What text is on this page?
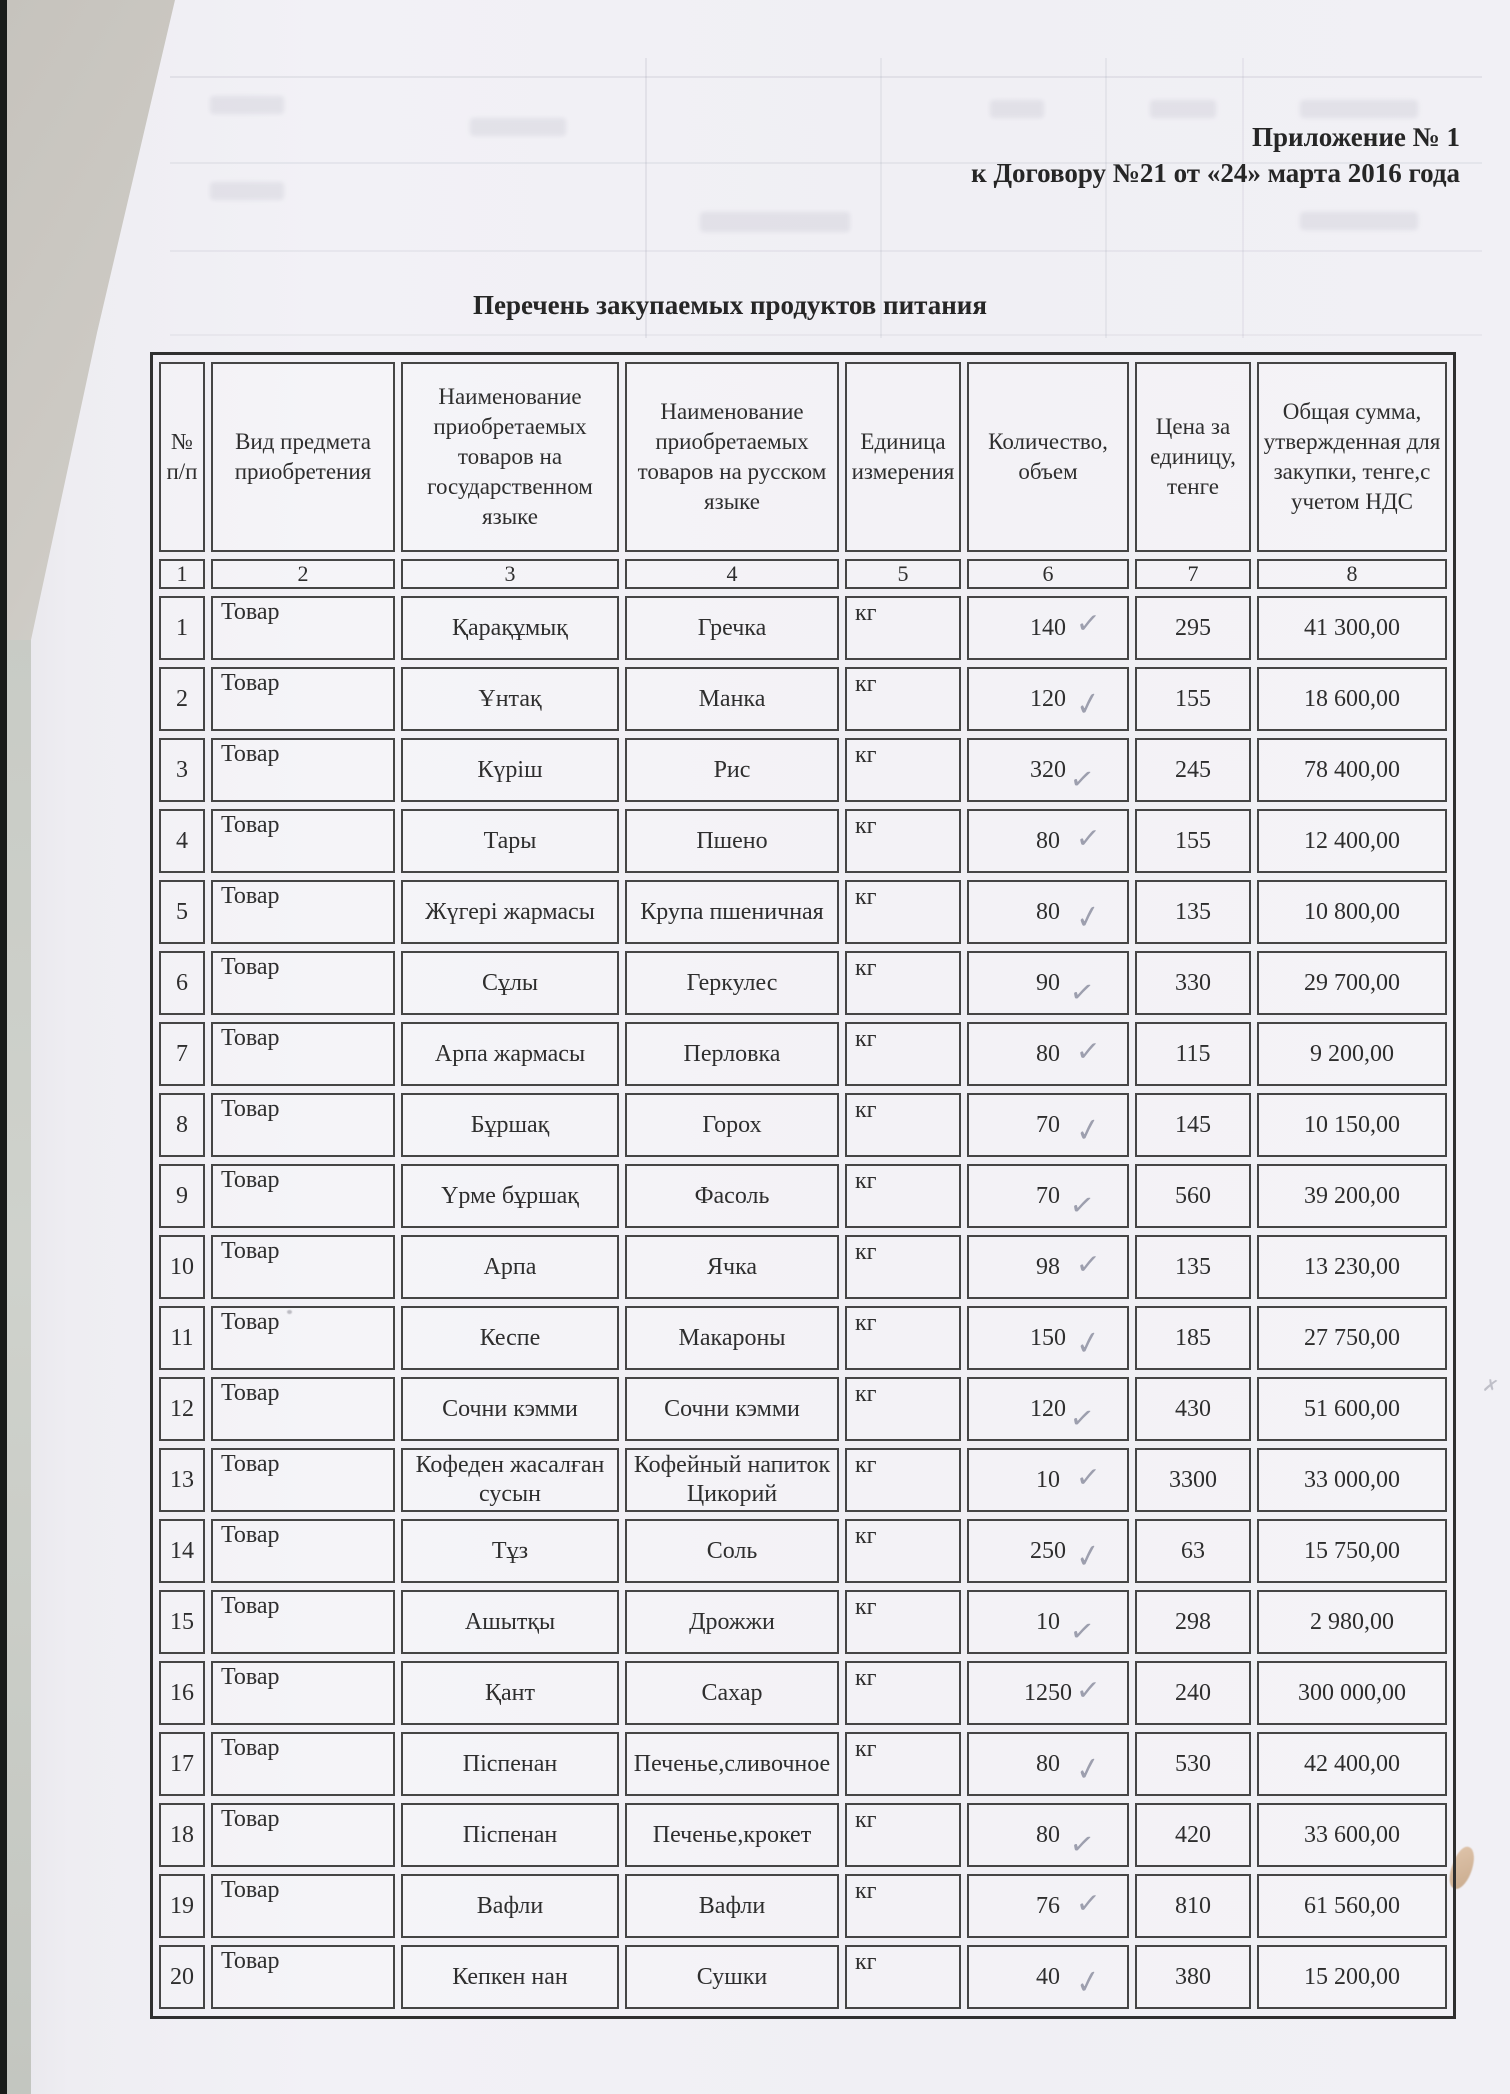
✗
Приложение № 1
к Договору №21 от «24» марта 2016 года
Перечень закупаемых продуктов питания
№ п/п	Вид предмета приобретения	Наименование приобретаемых товаров на государственном языке	Наименование приобретаемых товаров на русском языке	Единица измерения	Количество, объем	Цена за единицу, тенге	Общая сумма, утвержденная для закупки, тенге,с учетом НДС
1	2	3	4	5	6	7	8
1	Товар	Қарақұмық	Гречка	кг	140 ✓	295	41 300,00
2	Товар	Ұнтақ	Манка	кг	120 ✓	155	18 600,00
3	Товар	Күріш	Рис	кг	320 ✓	245	78 400,00
4	Товар	Тары	Пшено	кг	80 ✓	155	12 400,00
5	Товар	Жүгері жармасы	Крупа пшеничная	кг	80 ✓	135	10 800,00
6	Товар	Сұлы	Геркулес	кг	90 ✓	330	29 700,00
7	Товар	Арпа жармасы	Перловка	кг	80 ✓	115	9 200,00
8	Товар	Бұршақ	Горох	кг	70 ✓	145	10 150,00
9	Товар	Үрме бұршақ	Фасоль	кг	70 ✓	560	39 200,00
10	Товар	Арпа	Ячка	кг	98 ✓	135	13 230,00
11	Товар	Кеспе	Макароны	кг	150 ✓	185	27 750,00
12	Товар	Сочни кэмми	Сочни кэмми	кг	120 ✓	430	51 600,00
13	Товар	Кофеден жасалған сусын	Кофейный напиток Цикорий	кг	10 ✓	3300	33 000,00
14	Товар	Тұз	Соль	кг	250 ✓	63	15 750,00
15	Товар	Ашытқы	Дрожжи	кг	10 ✓	298	2 980,00
16	Товар	Қант	Сахар	кг	1250 ✓	240	300 000,00
17	Товар	Піспенан	Печенье,сливочное	кг	80 ✓	530	42 400,00
18	Товар	Піспенан	Печенье,крокет	кг	80 ✓	420	33 600,00
19	Товар	Вафли	Вафли	кг	76 ✓	810	61 560,00
20	Товар	Кепкен нан	Сушки	кг	40 ✓	380	15 200,00
